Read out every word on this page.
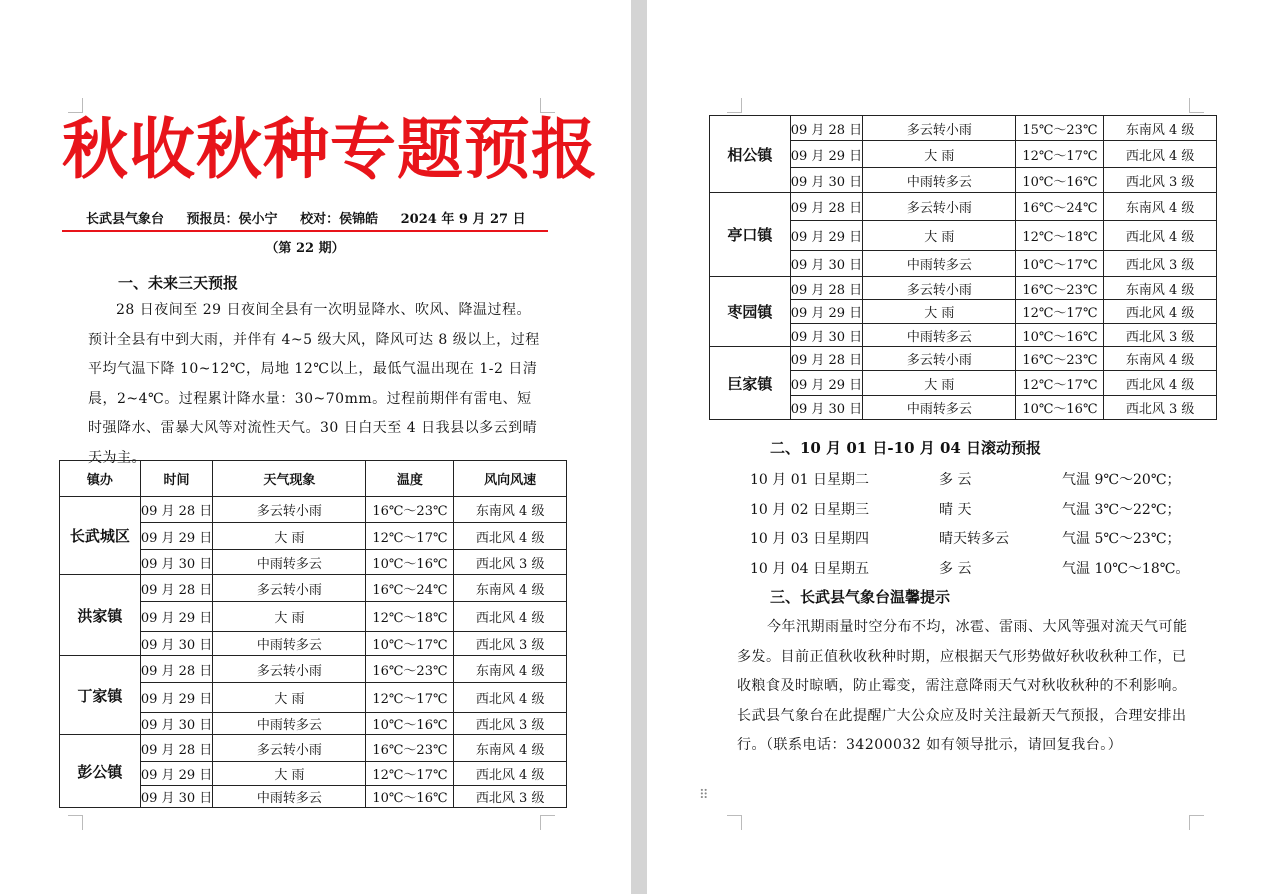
秋收秋种专题预报
长武县气象台 预报员：侯小宁 校对：侯锦皓 2024 年 9 月 27 日
（第 22 期）
一、未来三天预报
28 日夜间至 29 日夜间全县有一次明显降水、吹风、降温过程。预计全县有中到大雨，并伴有 4~5 级大风，降风可达 8 级以上，过程平均气温下降 10~12℃，局地 12℃以上，最低气温出现在 1-2 日清晨，2~4℃。过程累计降水量：30~70mm。过程前期伴有雷电、短时强降水、雷暴大风等对流性天气。30 日白天至 4 日我县以多云到晴天为主。
镇办	时间	天气现象	温度	风向风速
长武城区	09 月 28 日	多云转小雨	16℃～23℃	东南风 4 级
	09 月 29 日	大 雨	12℃～17℃	西北风 4 级
	09 月 30 日	中雨转多云	10℃～16℃	西北风 3 级
洪家镇	09 月 28 日	多云转小雨	16℃～24℃	东南风 4 级
	09 月 29 日	大 雨	12℃～18℃	西北风 4 级
	09 月 30 日	中雨转多云	10℃～17℃	西北风 3 级
丁家镇	09 月 28 日	多云转小雨	16℃～23℃	东南风 4 级
	09 月 29 日	大 雨	12℃～17℃	西北风 4 级
	09 月 30 日	中雨转多云	10℃～16℃	西北风 3 级
彭公镇	09 月 28 日	多云转小雨	16℃～23℃	东南风 4 级
	09 月 29 日	大 雨	12℃～17℃	西北风 4 级
	09 月 30 日	中雨转多云	10℃～16℃	西北风 3 级
相公镇	09 月 28 日	多云转小雨	15℃～23℃	东南风 4 级
	09 月 29 日	大 雨	12℃～17℃	西北风 4 级
	09 月 30 日	中雨转多云	10℃～16℃	西北风 3 级
亭口镇	09 月 28 日	多云转小雨	16℃～24℃	东南风 4 级
	09 月 29 日	大 雨	12℃～18℃	西北风 4 级
	09 月 30 日	中雨转多云	10℃～17℃	西北风 3 级
枣园镇	09 月 28 日	多云转小雨	16℃～23℃	东南风 4 级
	09 月 29 日	大 雨	12℃～17℃	西北风 4 级
	09 月 30 日	中雨转多云	10℃～16℃	西北风 3 级
巨家镇	09 月 28 日	多云转小雨	16℃～23℃	东南风 4 级
	09 月 29 日	大 雨	12℃～17℃	西北风 4 级
	09 月 30 日	中雨转多云	10℃～16℃	西北风 3 级
二、10 月 01 日-10 月 04 日滚动预报
10 月 01 日星期二	多 云	气温 9℃～20℃；
10 月 02 日星期三	晴 天	气温 3℃～22℃；
10 月 03 日星期四	晴天转多云	气温 5℃～23℃；
10 月 04 日星期五	多 云	气温 10℃～18℃。
三、长武县气象台温馨提示
今年汛期雨量时空分布不均，冰雹、雷雨、大风等强对流天气可能多发。目前正值秋收秋种时期，应根据天气形势做好秋收秋种工作，已收粮食及时晾晒，防止霉变，需注意降雨天气对秋收秋种的不利影响。长武县气象台在此提醒广大公众应及时关注最新天气预报，合理安排出行。（联系电话：34200032 如有领导批示，请回复我台。）
⠿
